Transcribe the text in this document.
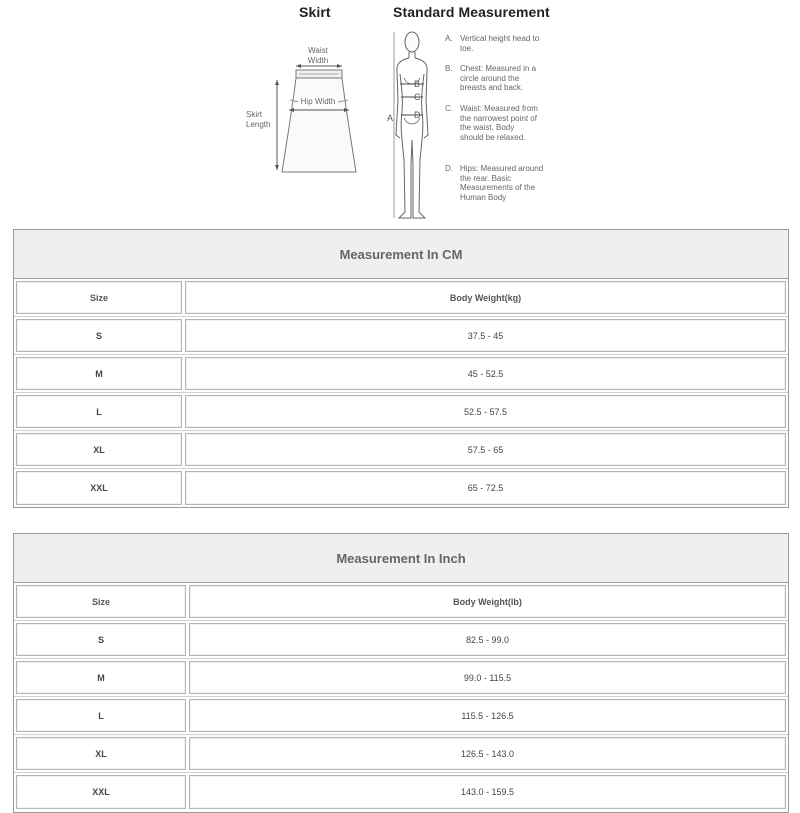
Skirt	Standard Measurement
Waist Width
Hip Width
Skirt Length
B
C
D
A
A. Vertical height head to toe.
B. Chest: Measured in a circle around the breasts and back.
C. Waist: Measured from the narrowest point of the waist. Body should be relaxed.
D. Hips: Measured around the rear. Basic Measurements of the Human Body
Measurement In CM
Size	Body Weight(kg)
S	37.5 - 45
M	45 - 52.5
L	52.5 - 57.5
XL	57.5 - 65
XXL	65 - 72.5
Measurement In Inch
Size	Body Weight(lb)
S	82.5 - 99.0
M	99.0 - 115.5
L	115.5 - 126.5
XL	126.5 - 143.0
XXL	143.0 - 159.5
